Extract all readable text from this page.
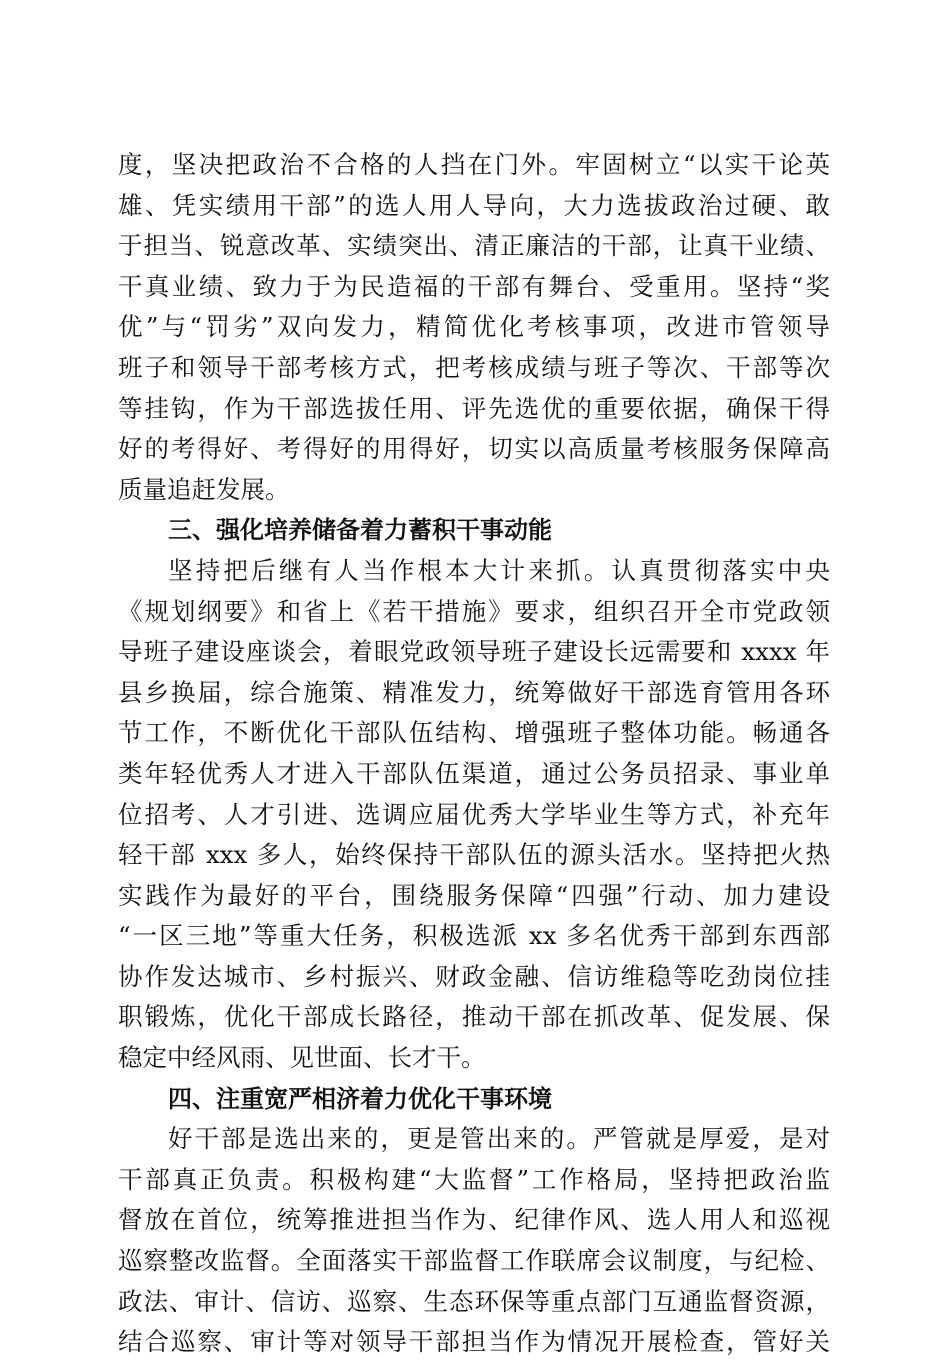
度，坚决把政治不合格的人挡在门外。牢固树立“以实干论英
雄、凭实绩用干部”的选人用人导向，大力选拔政治过硬、敢
于担当、锐意改革、实绩突出、清正廉洁的干部，让真干业绩、
干真业绩、致力于为民造福的干部有舞台、受重用。坚持“奖
优”与“罚劣”双向发力，精简优化考核事项，改进市管领导
班子和领导干部考核方式，把考核成绩与班子等次、干部等次
等挂钩，作为干部选拔任用、评先选优的重要依据，确保干得
好的考得好、考得好的用得好，切实以高质量考核服务保障高
质量追赶发展。
三、强化培养储备着力蓄积干事动能
坚持把后继有人当作根本大计来抓。认真贯彻落实中央
《规划纲要》和省上《若干措施》要求，组织召开全市党政领
导班子建设座谈会，着眼党政领导班子建设长远需要和 xxxx 年
县乡换届，综合施策、精准发力，统筹做好干部选育管用各环
节工作，不断优化干部队伍结构、增强班子整体功能。畅通各
类年轻优秀人才进入干部队伍渠道，通过公务员招录、事业单
位招考、人才引进、选调应届优秀大学毕业生等方式，补充年
轻干部 xxx 多人，始终保持干部队伍的源头活水。坚持把火热
实践作为最好的平台，围绕服务保障“四强”行动、加力建设
“一区三地”等重大任务，积极选派 xx 多名优秀干部到东西部
协作发达城市、乡村振兴、财政金融、信访维稳等吃劲岗位挂
职锻炼，优化干部成长路径，推动干部在抓改革、促发展、保
稳定中经风雨、见世面、长才干。
四、注重宽严相济着力优化干事环境
好干部是选出来的，更是管出来的。严管就是厚爱，是对
干部真正负责。积极构建“大监督”工作格局，坚持把政治监
督放在首位，统筹推进担当作为、纪律作风、选人用人和巡视
巡察整改监督。全面落实干部监督工作联席会议制度，与纪检、
政法、审计、信访、巡察、生态环保等重点部门互通监督资源，
结合巡察、审计等对领导干部担当作为情况开展检查，管好关
